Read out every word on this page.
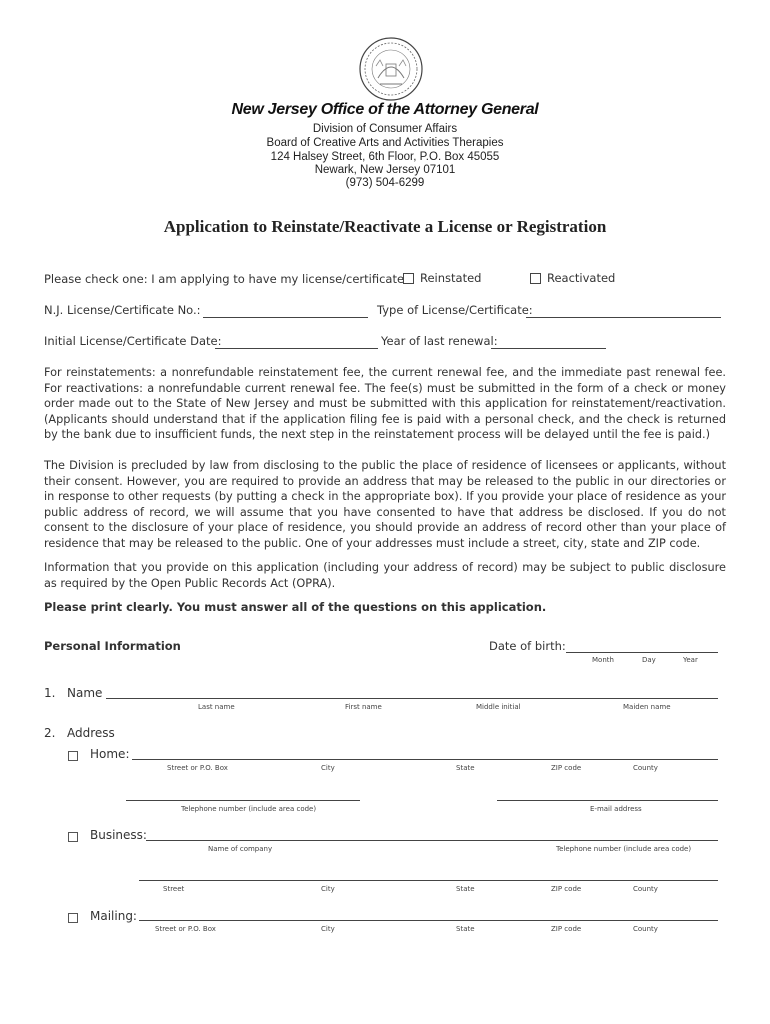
New Jersey Office of the Attorney General
Division of Consumer Affairs
Board of Creative Arts and Activities Therapies
124 Halsey Street, 6th Floor, P.O. Box 45055
Newark, New Jersey 07101
(973) 504-6299
Application to Reinstate/Reactivate a License or Registration
Please check one: I am applying to have my license/certificate	Reinstated	Reactivated
N.J. License/Certificate No.:	Type of License/Certificate:
Initial License/Certificate Date:	Year of last renewal:
For reinstatements: a nonrefundable reinstatement fee, the current renewal fee, and the immediate past renewal fee. For reactivations: a nonrefundable current renewal fee. The fee(s) must be submitted in the form of a check or money order made out to the State of New Jersey and must be submitted with this application for reinstatement/reactivation. (Applicants should understand that if the application filing fee is paid with a personal check, and the check is returned by the bank due to insufficient funds, the next step in the reinstatement process will be delayed until the fee is paid.)
The Division is precluded by law from disclosing to the public the place of residence of licensees or applicants, without their consent. However, you are required to provide an address that may be released to the public in our directories or in response to other requests (by putting a check in the appropriate box). If you provide your place of residence as your public address of record, we will assume that you have consented to have that address be disclosed. If you do not consent to the disclosure of your place of residence, you should provide an address of record other than your place of residence that may be released to the public. One of your addresses must include a street, city, state and ZIP code.
Information that you provide on this application (including your address of record) may be subject to public disclosure as required by the Open Public Records Act (OPRA).
Please print clearly. You must answer all of the questions on this application.
Personal Information	Date of birth:
Month	Day	Year
1. Name
Last name	First name	Middle initial	Maiden name
2. Address
Home:
Street or P.O. Box	City	State	ZIP code	County
Telephone number (include area code)	E-mail address
Business:
Name of company	Telephone number (include area code)
Street	City	State	ZIP code	County
Mailing:
Street or P.O. Box	City	State	ZIP code	County
